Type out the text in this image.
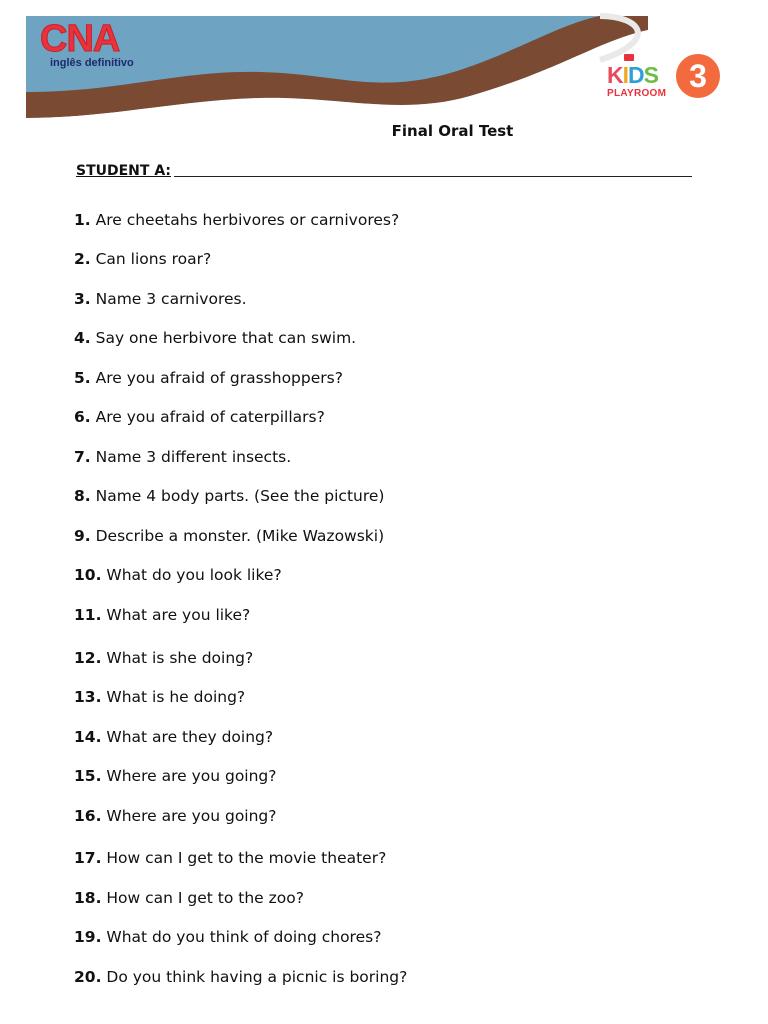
CNA
inglês definitivo	KIDS
PLAYROOM 3
Final Oral Test
STUDENT A:
1. Are cheetahs herbivores or carnivores?
2. Can lions roar?
3. Name 3 carnivores.
4. Say one herbivore that can swim.
5. Are you afraid of grasshoppers?
6. Are you afraid of caterpillars?
7. Name 3 different insects.
8. Name 4 body parts. (See the picture)
9. Describe a monster. (Mike Wazowski)
10. What do you look like?
11. What are you like?
12. What is she doing?
13. What is he doing?
14. What are they doing?
15. Where are you going?
16. Where are you going?
17. How can I get to the movie theater?
18. How can I get to the zoo?
19. What do you think of doing chores?
20. Do you think having a picnic is boring?
